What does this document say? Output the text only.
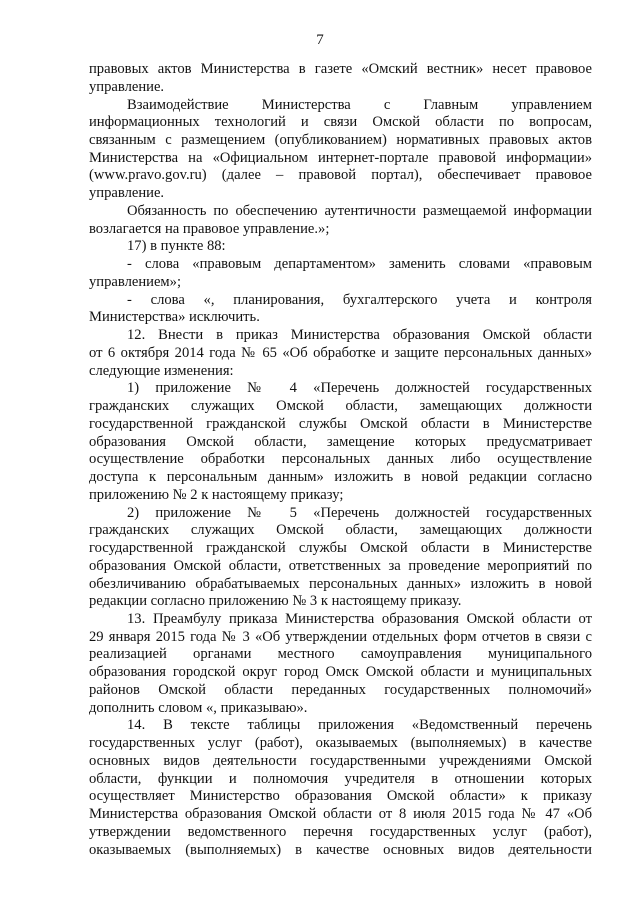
7
правовых актов Министерства в газете «Омский вестник» несет правовое
управление.
Взаимодействие Министерства с Главным управлением
информационных технологий и связи Омской области по вопросам,
связанным с размещением (опубликованием) нормативных правовых актов
Министерства на «Официальном интернет-портале правовой информации»
(www.pravo.gov.ru) (далее – правовой портал), обеспечивает правовое
управление.
Обязанность по обеспечению аутентичности размещаемой информации
возлагается на правовое управление.»;
17) в пункте 88:
- слова «правовым департаментом» заменить словами «правовым
управлением»;
- слова «, планирования, бухгалтерского учета и контроля
Министерства» исключить.
12. Внести в приказ Министерства образования Омской области
от 6 октября 2014 года № 65 «Об обработке и защите персональных данных»
следующие изменения:
1) приложение № 4 «Перечень должностей государственных
гражданских служащих Омской области, замещающих должности
государственной гражданской службы Омской области в Министерстве
образования Омской области, замещение которых предусматривает
осуществление обработки персональных данных либо осуществление
доступа к персональным данным» изложить в новой редакции согласно
приложению № 2 к настоящему приказу;
2) приложение № 5 «Перечень должностей государственных
гражданских служащих Омской области, замещающих должности
государственной гражданской службы Омской области в Министерстве
образования Омской области, ответственных за проведение мероприятий по
обезличиванию обрабатываемых персональных данных» изложить в новой
редакции согласно приложению № 3 к настоящему приказу.
13. Преамбулу приказа Министерства образования Омской области от
29 января 2015 года № 3 «Об утверждении отдельных форм отчетов в связи с
реализацией органами местного самоуправления муниципального
образования городской округ город Омск Омской области и муниципальных
районов Омской области переданных государственных полномочий»
дополнить словом «, приказываю».
14. В тексте таблицы приложения «Ведомственный перечень
государственных услуг (работ), оказываемых (выполняемых) в качестве
основных видов деятельности государственными учреждениями Омской
области, функции и полномочия учредителя в отношении которых
осуществляет Министерство образования Омской области» к приказу
Министерства образования Омской области от 8 июля 2015 года № 47 «Об
утверждении ведомственного перечня государственных услуг (работ),
оказываемых (выполняемых) в качестве основных видов деятельности
